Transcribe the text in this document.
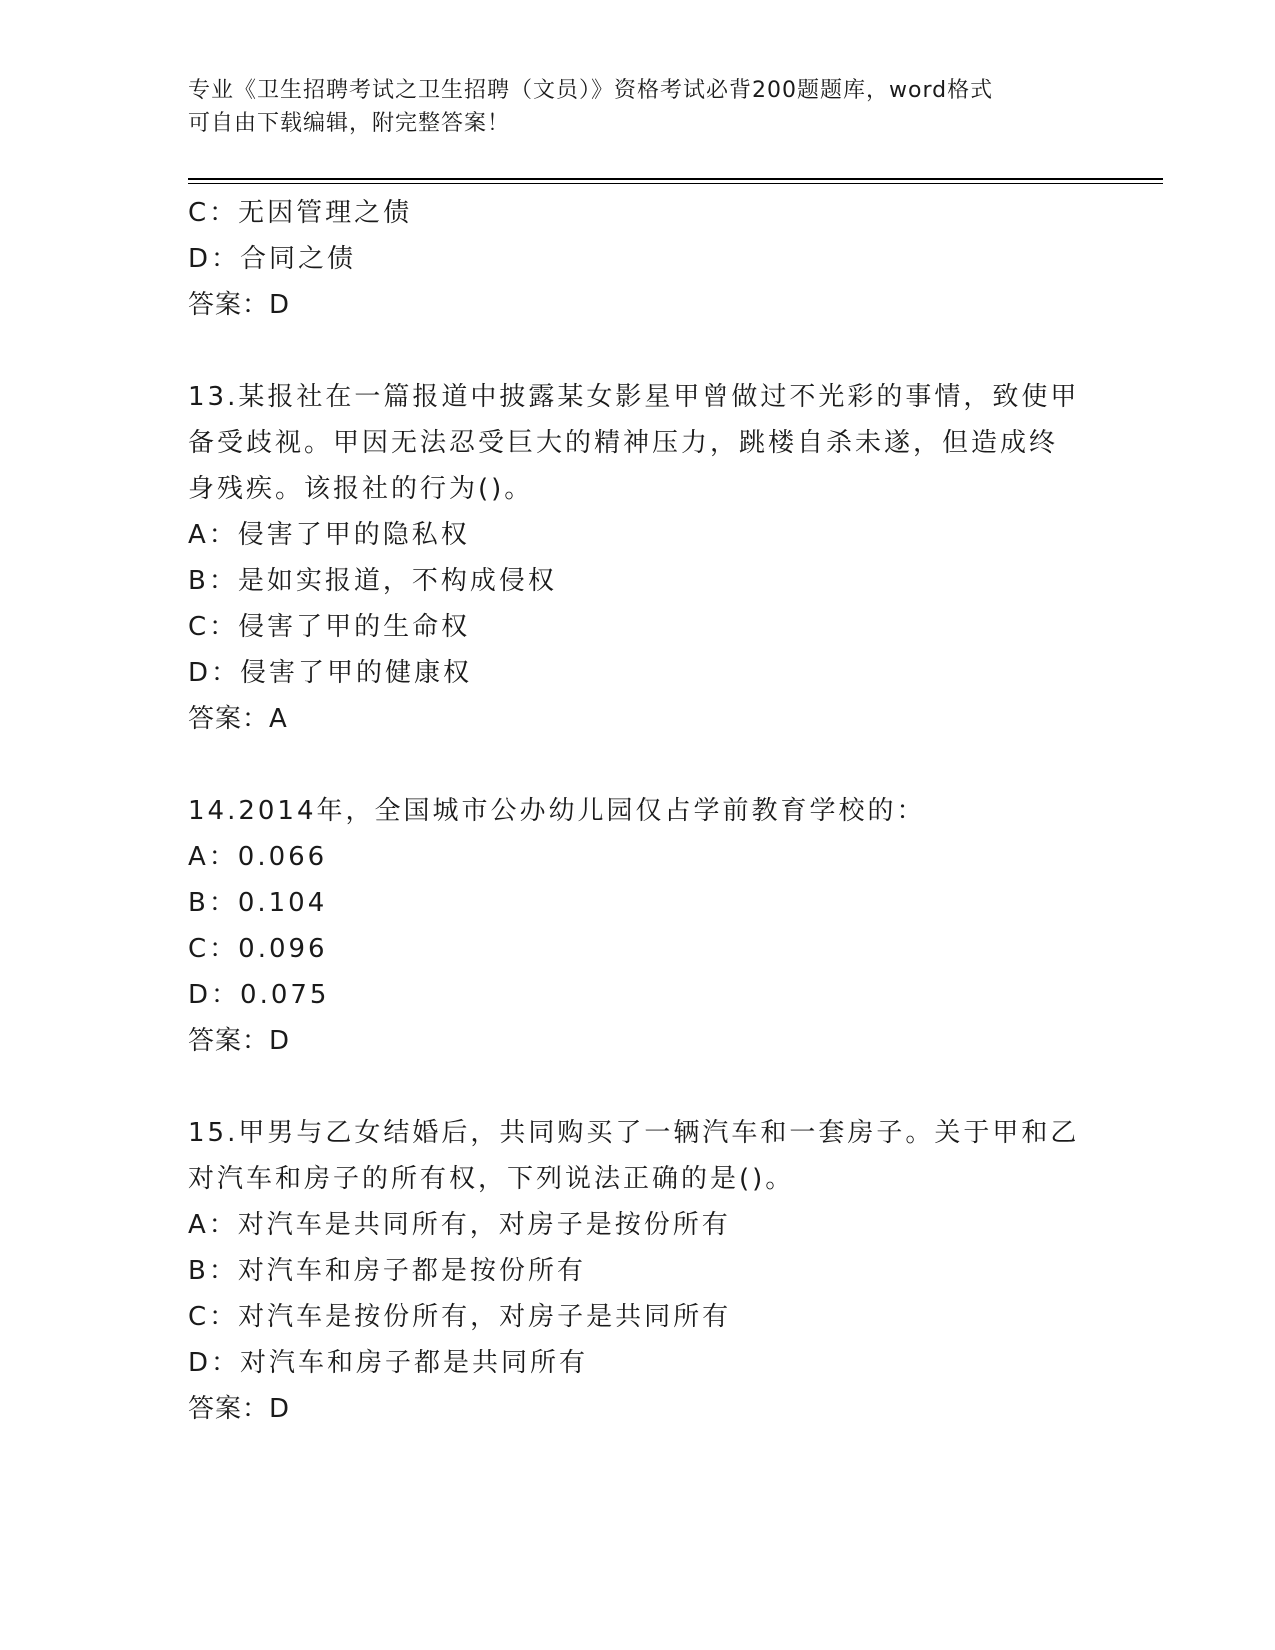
专业《卫生招聘考试之卫生招聘（文员）》资格考试必背200题题库，word格式
可自由下载编辑，附完整答案！
C：无因管理之债
D：合同之债
答案：D
13.某报社在一篇报道中披露某女影星甲曾做过不光彩的事情，致使甲
备受歧视。甲因无法忍受巨大的精神压力，跳楼自杀未遂，但造成终
身残疾。该报社的行为()。
A：侵害了甲的隐私权
B：是如实报道，不构成侵权
C：侵害了甲的生命权
D：侵害了甲的健康权
答案：A
14.2014年，全国城市公办幼儿园仅占学前教育学校的：
A：0.066
B：0.104
C：0.096
D：0.075
答案：D
15.甲男与乙女结婚后，共同购买了一辆汽车和一套房子。关于甲和乙
对汽车和房子的所有权，下列说法正确的是()。
A：对汽车是共同所有，对房子是按份所有
B：对汽车和房子都是按份所有
C：对汽车是按份所有，对房子是共同所有
D：对汽车和房子都是共同所有
答案：D
